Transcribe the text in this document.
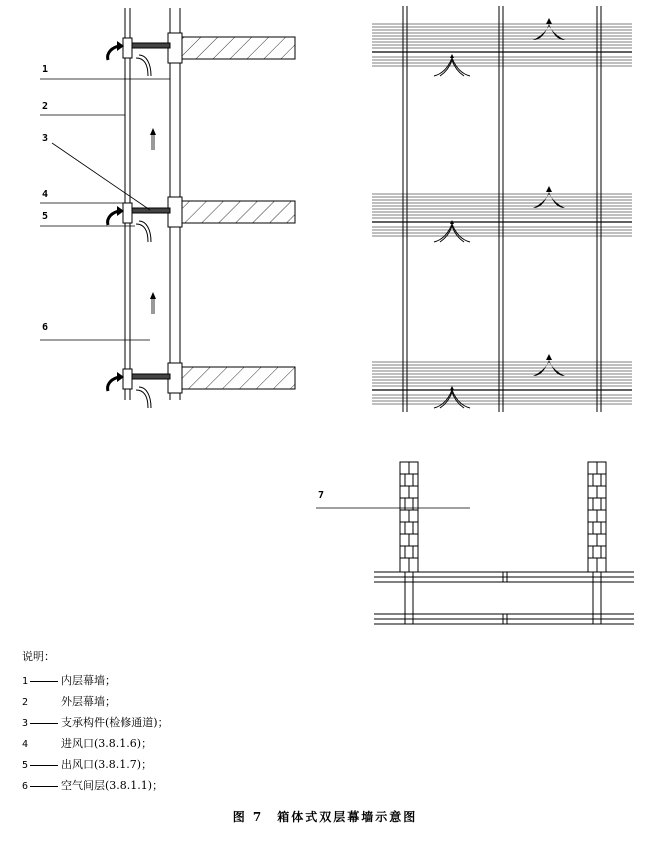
1
2
3
4
5
6
7
说明：
1	内层幕墙；
2	外层幕墙；
3	支承构件(检修通道)；
4	进风口(3.8.1.6)；
5	出风口(3.8.1.7)；
6	空气间层(3.8.1.1)；
图 7 箱体式双层幕墙示意图
